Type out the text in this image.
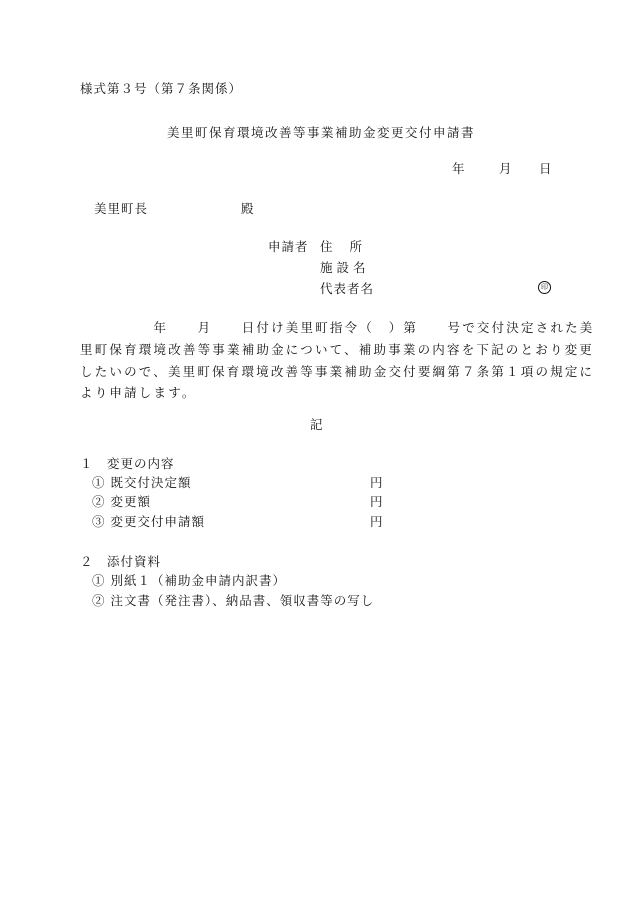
様式第３号（第７条関係）
美里町保育環境改善等事業補助金変更交付申請書
年	月 日
美里町長	殿
申請者 住所
施設名
代表者名	印
　　　　　年　　月　　日付け美里町指令（　）第　　号で交付決定された美
里町保育環境改善等事業補助金について、補助事業の内容を下記のとおり変更
したいので、美里町保育環境改善等事業補助金交付要綱第７条第１項の規定に
より申請します。
記
１　変更の内容
① 既交付決定額	円
② 変更額	円
③ 変更交付申請額	円
２　添付資料
① 別紙１（補助金申請内訳書）
② 注文書（発注書）、納品書、領収書等の写し
